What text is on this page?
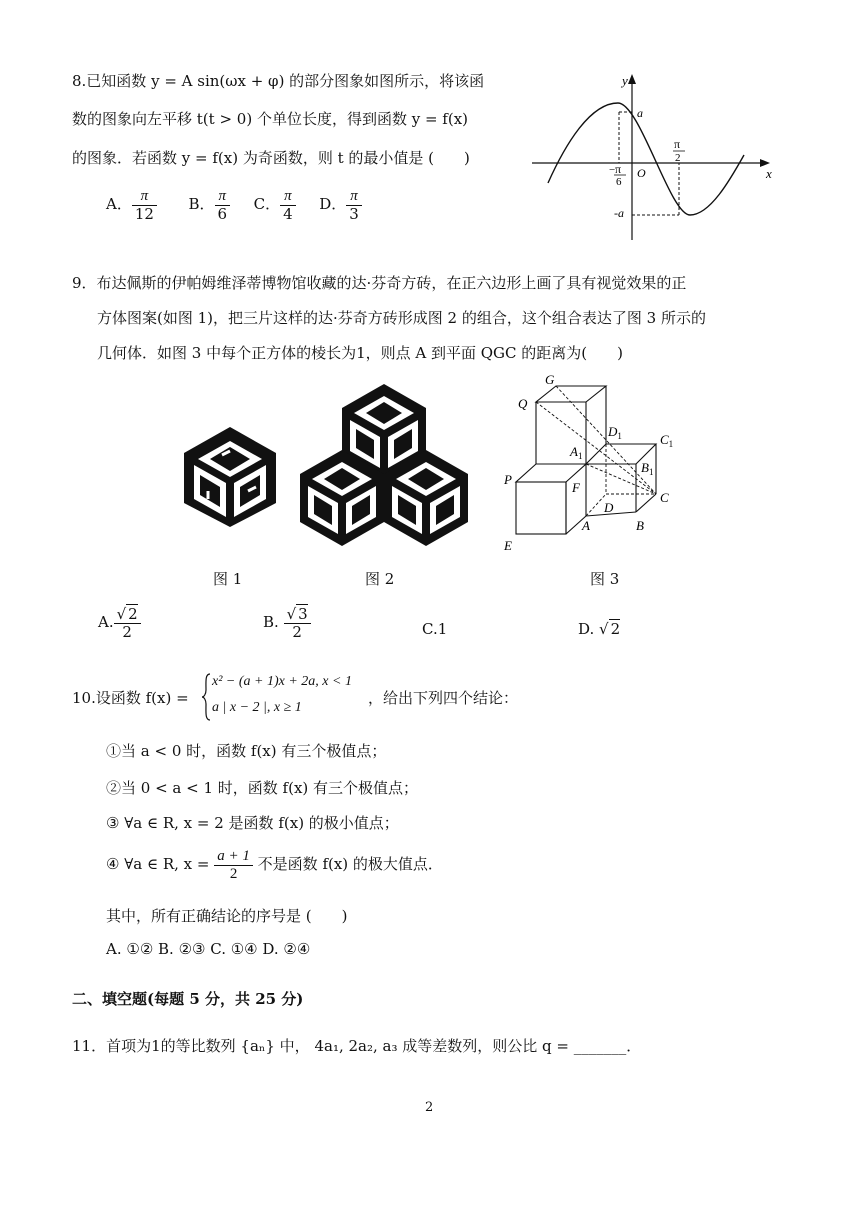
8.已知函数 y = A sin(ωx + φ) 的部分图象如图所示，将该函
数的图象向左平移 t(t > 0) 个单位长度，得到函数 y = f(x)
的图象．若函数 y = f(x) 为奇函数，则 t 的最小值是 (　　)
A． $\frac{\pi}{12}$ B． $\frac{\pi}{6}$ C． $\frac{\pi}{4}$ D． $\frac{\pi}{3}$
y
x
a
-a
O
π
2
− π
6
9．布达佩斯的伊帕姆维泽蒂博物馆收藏的达·芬奇方砖，在正六边形上画了具有视觉效果的正
方体图案(如图 1)，把三片这样的达·芬奇方砖形成图 2 的组合，这个组合表达了图 3 所示的
几何体．如图 3 中每个正方体的棱长为1，则点 A 到平面 QGC 的距离为(　　)
G
Q
$D_1$	$C_1$
$A_1$
$B_1$
P
F
C
D
A	B
E
图 1	图 2	图 3
A. $\frac{√ 2}{2}$	B. $\frac{√ 3}{2}$	C.1	D. √ 2
10.设函数 f(x) =
x² − (a + 1)x + 2a, x < 1
a | x − 2 |, x ≥ 1
，给出下列四个结论：
①当 a < 0 时，函数 f(x) 有三个极值点；
②当 0 < a < 1 时，函数 f(x) 有三个极值点；
③ ∀a ∈ R, x = 2 是函数 f(x) 的极小值点；
④ ∀a ∈ R, $x = \frac{a + 1}{2}$ 不是函数 f(x) 的极大值点．
其中，所有正确结论的序号是 (　　)
A. ①② B. ②③ C. ①④ D. ②④
二、填空题(每题 5 分，共 25 分)
11．首项为1的等比数列 {aₙ} 中， 4a₁, 2a₂, a₃ 成等差数列，则公比 q = _______．
2
